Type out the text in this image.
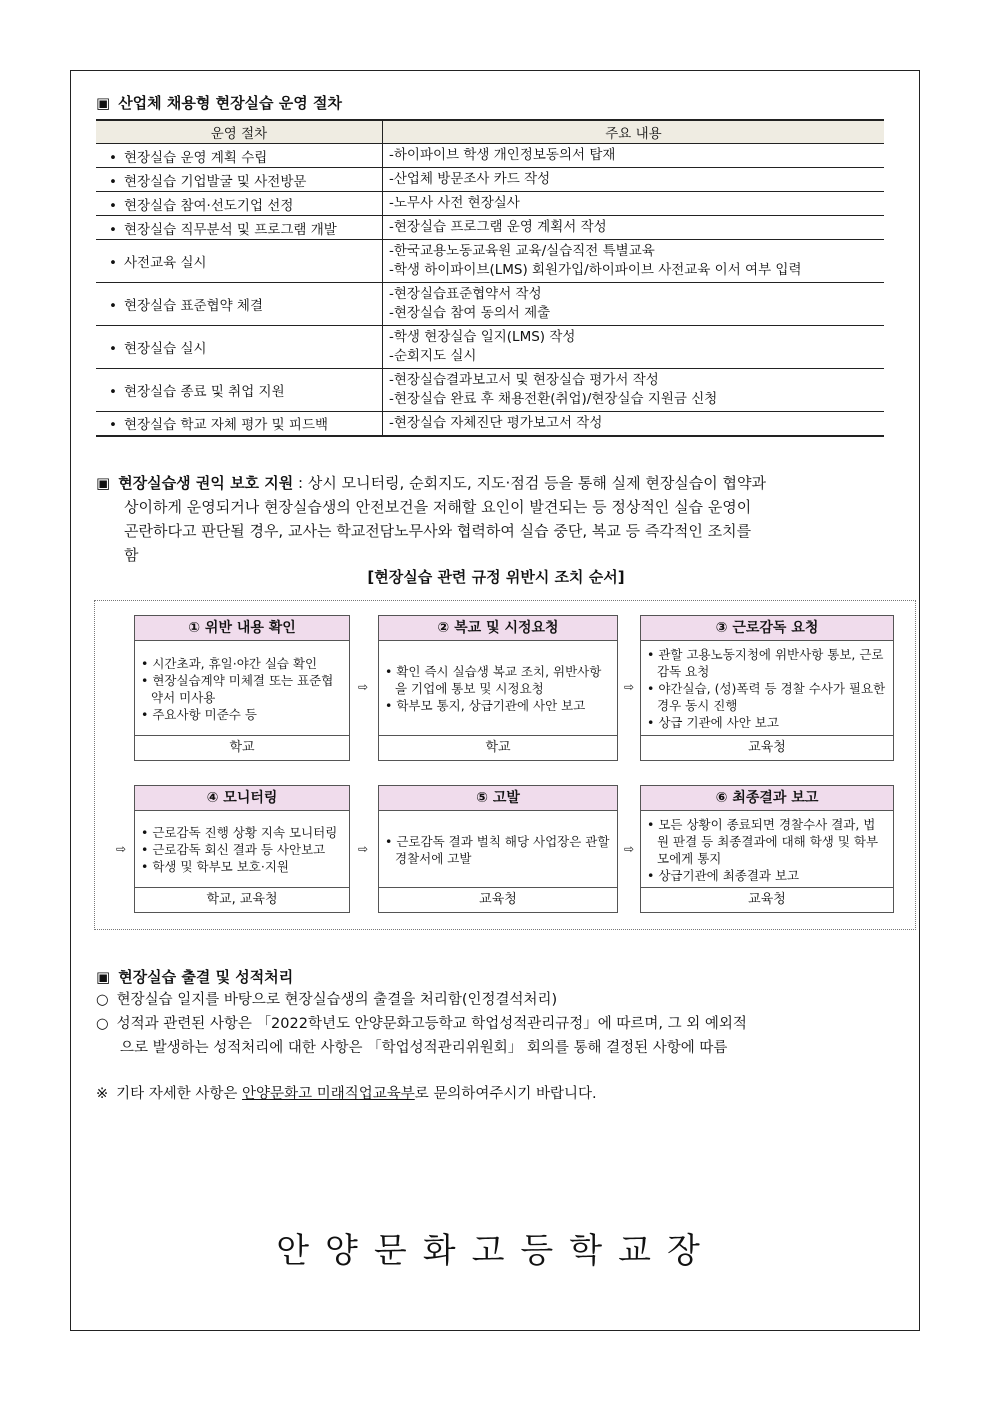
▣ 산업체 채용형 현장실습 운영 절차
운영 절차	주요 내용
• 현장실습 운영 계획 수립	-하이파이브 학생 개인정보동의서 탑재

• 현장실습 기업발굴 및 사전방문	-산업체 방문조사 카드 작성

• 현장실습 참여·선도기업 선정	-노무사 사전 현장실사

• 현장실습 직무분석 및 프로그램 개발	-현장실습 프로그램 운영 계획서 작성

• 사전교육 실시	-한국교용노동교육원 교육/실습직전 특별교육
-학생 하이파이브(LMS) 회원가입/하이파이브 사전교육 이서 여부 입력

• 현장실습 표준협약 체결	-현장실습표준협약서 작성
-현장실습 참여 동의서 제출

• 현장실습 실시	-학생 현장실습 일지(LMS) 작성
-순회지도 실시

• 현장실습 종료 및 취업 지원	-현장실습결과보고서 및 현장실습 평가서 작성
-현장실습 완료 후 채용전환(취업)/현장실습 지원금 신청

• 현장실습 학교 자체 평가 및 피드백	-현장실습 자체진단 평가보고서 작성
▣ 현장실습생 권익 보호 지원 : 상시 모니터링, 순회지도, 지도·점검 등을 통해 실제 현장실습이 협약과
상이하게 운영되거나 현장실습생의 안전보건을 저해할 요인이 발견되는 등 정상적인 실습 운영이
곤란하다고 판단될 경우, 교사는 학교전담노무사와 협력하여 실습 중단, 복교 등 즉각적인 조치를
함
[현장실습 관련 규정 위반시 조치 순서]
① 위반 내용 확인
• 시간초과, 휴일·야간 실습 확인
• 현장실습계약 미체결 또는 표준협약서 미사용
• 주요사항 미준수 등
학교
⇨
② 복교 및 시정요청
• 확인 즉시 실습생 복교 조치, 위반사항을 기업에 통보 및 시정요청
• 학부모 통지, 상급기관에 사안 보고
학교
⇨
③ 근로감독 요청
• 관할 고용노동지청에 위반사항 통보, 근로감독 요청
• 야간실습, (성)폭력 등 경찰 수사가 필요한 경우 동시 진행
• 상급 기관에 사안 보고
교육청
⇨
④ 모니터링
• 근로감독 진행 상황 지속 모니터링
• 근로감독 회신 결과 등 사안보고
• 학생 및 학부모 보호·지원
학교, 교육청
⇨
⑤ 고발
• 근로감독 결과 벌칙 해당 사업장은 관할 경찰서에 고발
교육청
⇨
⑥ 최종결과 보고
• 모든 상황이 종료되면 경찰수사 결과, 법원 판결 등 최종결과에 대해 학생 및 학부모에게 통지
• 상급기관에 최종결과 보고
교육청
▣ 현장실습 출결 및 성적처리
○ 현장실습 일지를 바탕으로 현장실습생의 출결을 처리함(인정결석처리)
○ 성적과 관련된 사항은 「2022학년도 안양문화고등학교 학업성적관리규정」에 따르며, 그 외 예외적
으로 발생하는 성적처리에 대한 사항은 「학업성적관리위원회」 회의를 통해 결정된 사항에 따름
※ 기타 자세한 사항은 안양문화고 미래직업교육부로 문의하여주시기 바랍니다.
안양문화고등학교장
